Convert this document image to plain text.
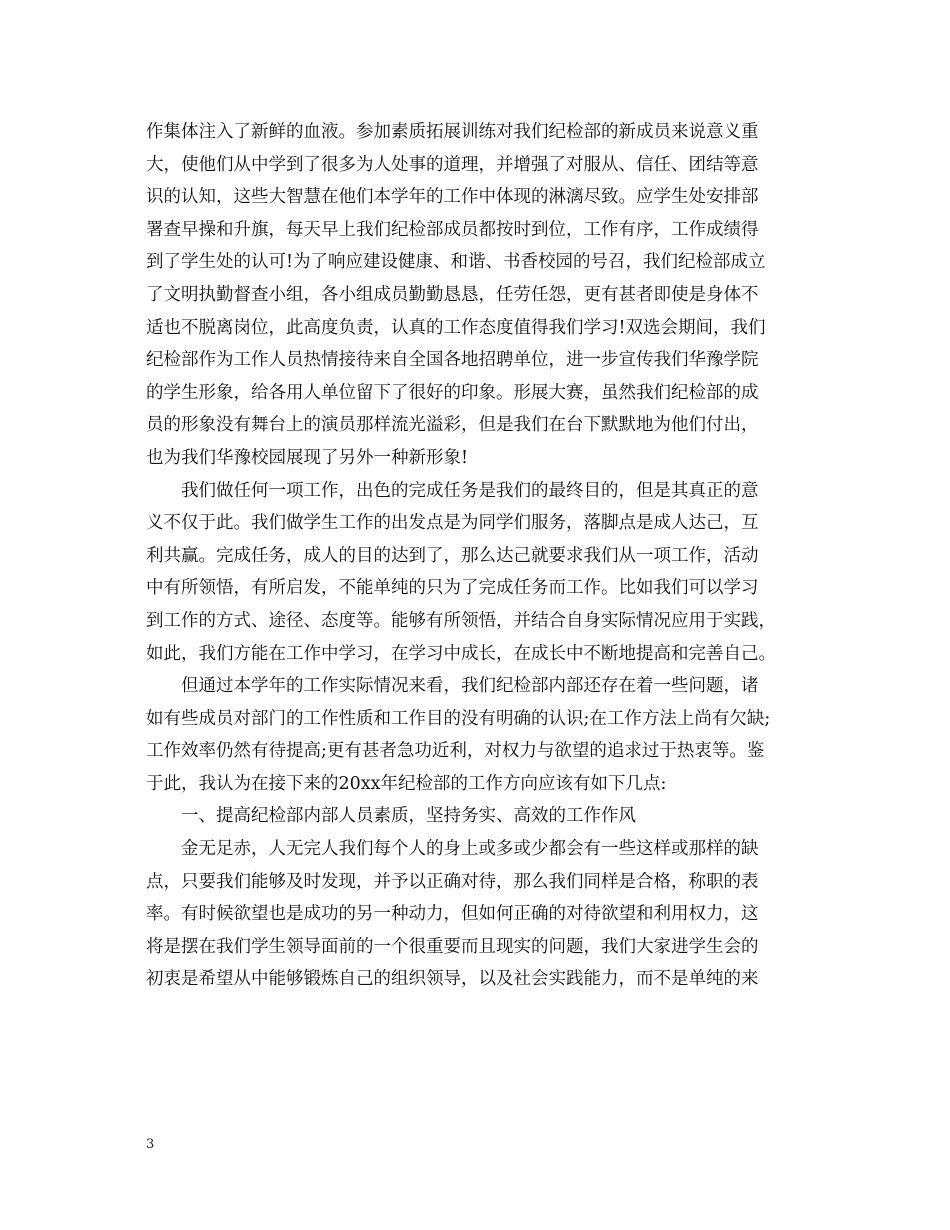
作集体注入了新鲜的血液。参加素质拓展训练对我们纪检部的新成员来说意义重
大，使他们从中学到了很多为人处事的道理，并增强了对服从、信任、团结等意
识的认知，这些大智慧在他们本学年的工作中体现的淋漓尽致。应学生处安排部
署查早操和升旗，每天早上我们纪检部成员都按时到位，工作有序，工作成绩得
到了学生处的认可!为了响应建设健康、和谐、书香校园的号召，我们纪检部成立
了文明执勤督查小组，各小组成员勤勤恳恳，任劳任怨，更有甚者即使是身体不
适也不脱离岗位，此高度负责，认真的工作态度值得我们学习!双选会期间，我们
纪检部作为工作人员热情接待来自全国各地招聘单位，进一步宣传我们华豫学院
的学生形象，给各用人单位留下了很好的印象。形展大赛，虽然我们纪检部的成
员的形象没有舞台上的演员那样流光溢彩，但是我们在台下默默地为他们付出，
也为我们华豫校园展现了另外一种新形象!
我们做任何一项工作，出色的完成任务是我们的最终目的，但是其真正的意
义不仅于此。我们做学生工作的出发点是为同学们服务，落脚点是成人达己，互
利共赢。完成任务，成人的目的达到了，那么达己就要求我们从一项工作，活动
中有所领悟，有所启发，不能单纯的只为了完成任务而工作。比如我们可以学习
到工作的方式、途径、态度等。能够有所领悟，并结合自身实际情况应用于实践，
如此，我们方能在工作中学习，在学习中成长，在成长中不断地提高和完善自己。
但通过本学年的工作实际情况来看，我们纪检部内部还存在着一些问题，诸
如有些成员对部门的工作性质和工作目的没有明确的认识;在工作方法上尚有欠缺;
工作效率仍然有待提高;更有甚者急功近利，对权力与欲望的追求过于热衷等。鉴
于此，我认为在接下来的20xx年纪检部的工作方向应该有如下几点:
一、提高纪检部内部人员素质，坚持务实、高效的工作作风
金无足赤，人无完人我们每个人的身上或多或少都会有一些这样或那样的缺
点，只要我们能够及时发现，并予以正确对待，那么我们同样是合格，称职的表
率。有时候欲望也是成功的另一种动力，但如何正确的对待欲望和利用权力，这
将是摆在我们学生领导面前的一个很重要而且现实的问题，我们大家进学生会的
初衷是希望从中能够锻炼自己的组织领导，以及社会实践能力，而不是单纯的来
3
